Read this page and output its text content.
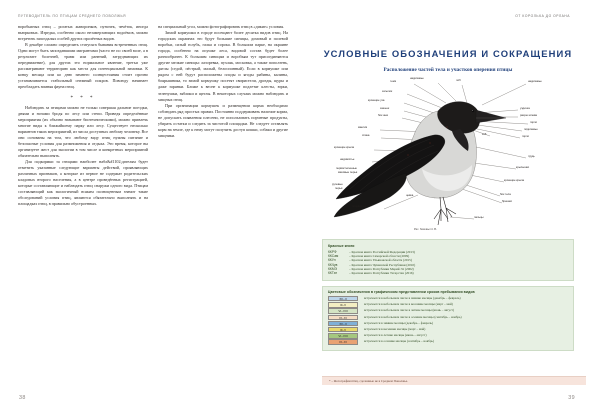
ПУТЕВОДИТЕЛЬ ПО ПТИЦАМ СРЕДНЕГО ПОВОЛЖЬЯ

воробьиных птиц – рогатых жаворонков, пуночек, чечёток, иногда вьюрковых. Изредка, особенно около незамерзающих водоёмов, можно встретить запоздалых особей других пролётных видов.

В декабре сложно определить статусurn бывания встреченных птиц. Одни могут быть запоздавшими мигрантами (часто не по своей воле, а в результате болезней, травм или ранений, затрудняющих их передвижение), для других это нормальное явление, третьи уже рассматривают территорию как места для потенциальной зимовки. К концу месяца или ко дню зимнего солнцестояния стоит прочно устанавливается стабильный снежный покров. Повсюду начинает преобладать зимняя фауна птиц.

* * *

Наблюдать за птицами можно не только совершая дальние поездки, днями и ночами бродя по лесу или степи. Приведя определённые мероприятия (их обычно называют биотехническими), можно привлечь многие виды к ближайшему парку или лесу. Существует несколько вариантов таких мероприятий, из числа доступных любому человеку. Все они основаны на том, что любому виду птиц нужны питание и безопасные условия для размножения и отдыха. Это время, которое вы организуете жест для экологии в том числе и конкретных мероприятий обязательно выполнять.

Для подкормки за птицами наиболее набл&#1102;дателям будет отметить указанные следующие варианты действий, проявляющих различных признаков, а которые из первое не содержат родительских кладовых второго населения, а в центре проведённых регистрацией, которые составляющие и наблюдать птиц снаружи одного вида. Птицам составляющий как экологичный всяким полноценным значит такие обследований условия птиц, являются обязательно выполнять и на площадках птиц, в правильно обустроенных.

на специальный угол, можно фотографировать птиц в «дикие» условия.

Зимой кормушки в городе посещают более десятка видов птиц. На городских окраинах это будут большие синицы, домовый и полевой воробьи, сизый голубь, галка и сорока. В большом парке, на окраине города, особенно на опушке леса, видовой состав будет более разнообразен. К большим синицам и воробьям тут присоединяются другие мелкие синицы: лазоревка, пухляк, московка, а также поползень, дятлы (седой, пёстрый, малый, белоспинный). Если в кормушке или рядом с ней будут расположены плоды и ягоды рябины, калины, боярышника, то зимой кормушку посетят свиристели, дрозды, щуры и даже зарянки. Ближе к весне к кормушке подлетят клесты, юрки, зеленушки, зяблики и щеглы. В некоторых случаях можно наблюдать и хищных птиц.

При организации кормушек и размещении корма необходимо соблюдать ряд простых правил. Постоянно поддерживать наличие корма, не допускать появления плесени, не использовать порченые продукты, убирать остатки и следить за чистотой площадки. Не следует оставлять корм на земле, где к нему могут получить доступ кошки, собаки и другие хищники.

38
ОТ КОРОЛЬКА ДО ОРЛАНА
УСЛОВНЫЕ ОБОЗНАЧЕНИЯ И СОКРАЩЕНИЯ
Расположение частей тела и участков оперения птицы
темя
надклювье
лоб
затылок
кроющие уха
зашеек
бок шеи
мантия
спина
кроющие крыла
надхвостье
первостепенные
маховые перья
рулевые
перья
подхвостье
надклювье
уздечка
разрез клюва
горло
подклювье
горло
зоб
грудь
крылышко
кроющие крыла
бок тела
брюшко
цевка
пальцы
Рис. Зиновье О. В.
Красные книги
ККРФ	– Красная книга Российской Федерации (2013)
ККСам	– Красная книга Самарской области (2009)
ККУл	– Красная книга Ульяновской области (2015)
ККЧув	– Красная книга Чувашской Республики (2010)
ККМЭ	– Красная книга Республики Марий Эл (2002)
ККТат	– Красная книга Республики Татарстан (2016)
Цветовые обозначения в графическом представлении сроков пребывания видов
XII–II	встречается в небольшом числе в зимние месяцы (декабрь – февраль)
III–V	встречается в небольшом числе в весенние месяцы (март – май)
VI–VIII	встречается в небольшом числе в летние месяцы (июнь – август)
IX–XI	встречается в небольшом числе в осенние месяцы (сентябрь – ноябрь)
XII–II	встречается в зимние месяцы (декабрь – февраль)
III–V	встречается в весенние месяцы (март – май)
VI–VIII	встречается в летние месяцы (июнь – август)
IX–XI	встречается в осенние месяцы (сентябрь – ноябрь)
* – Фотографии птиц, сделанные не в Среднем Поволжье.
39
